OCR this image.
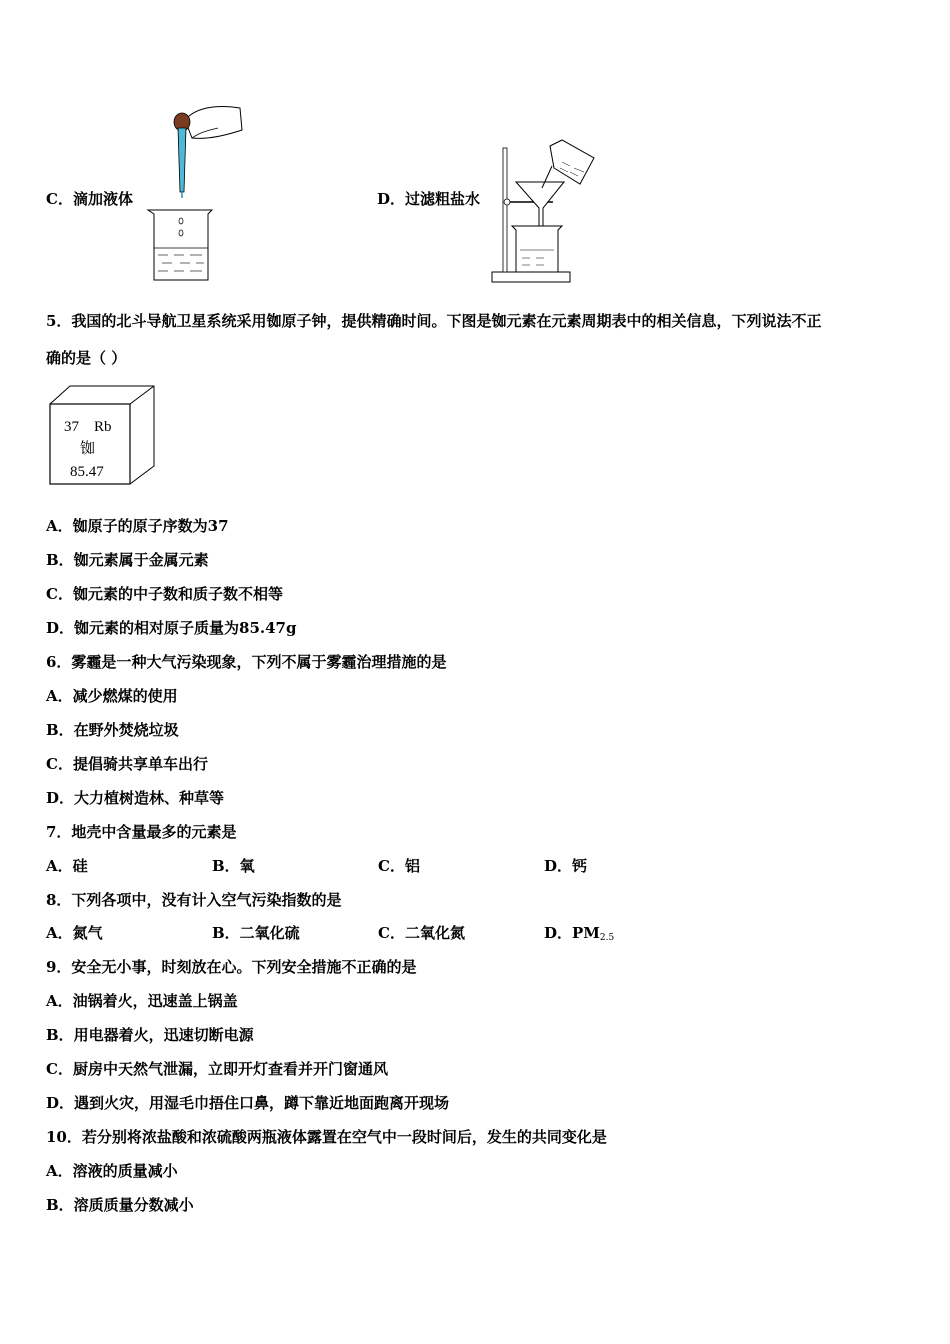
C．滴加液体	D．过滤粗盐水
5．我国的北斗导航卫星系统采用铷原子钟，提供精确时间。下图是铷元素在元素周期表中的相关信息，下列说法不正
确的是（ ）
37 Rb
铷
85.47
A．铷原子的原子序数为37
B．铷元素属于金属元素
C．铷元素的中子数和质子数不相等
D．铷元素的相对原子质量为85.47g
6．雾霾是一种大气污染现象，下列不属于雾霾治理措施的是
A．减少燃煤的使用
B．在野外焚烧垃圾
C．提倡骑共享单车出行
D．大力植树造林、种草等
7．地壳中含量最多的元素是
A．硅	B．氧	C．铝	D．钙
8．下列各项中，没有计入空气污染指数的是
A．氮气	B．二氧化硫	C．二氧化氮	D．$PM_{2.5}$
9．安全无小事，时刻放在心。下列安全措施不正确的是
A．油锅着火，迅速盖上锅盖
B．用电器着火，迅速切断电源
C．厨房中天然气泄漏，立即开灯查看并开门窗通风
D．遇到火灾，用湿毛巾捂住口鼻，蹲下靠近地面跑离开现场
10．若分别将浓盐酸和浓硫酸两瓶液体露置在空气中一段时间后，发生的共同变化是
A．溶液的质量减小
B．溶质质量分数减小
